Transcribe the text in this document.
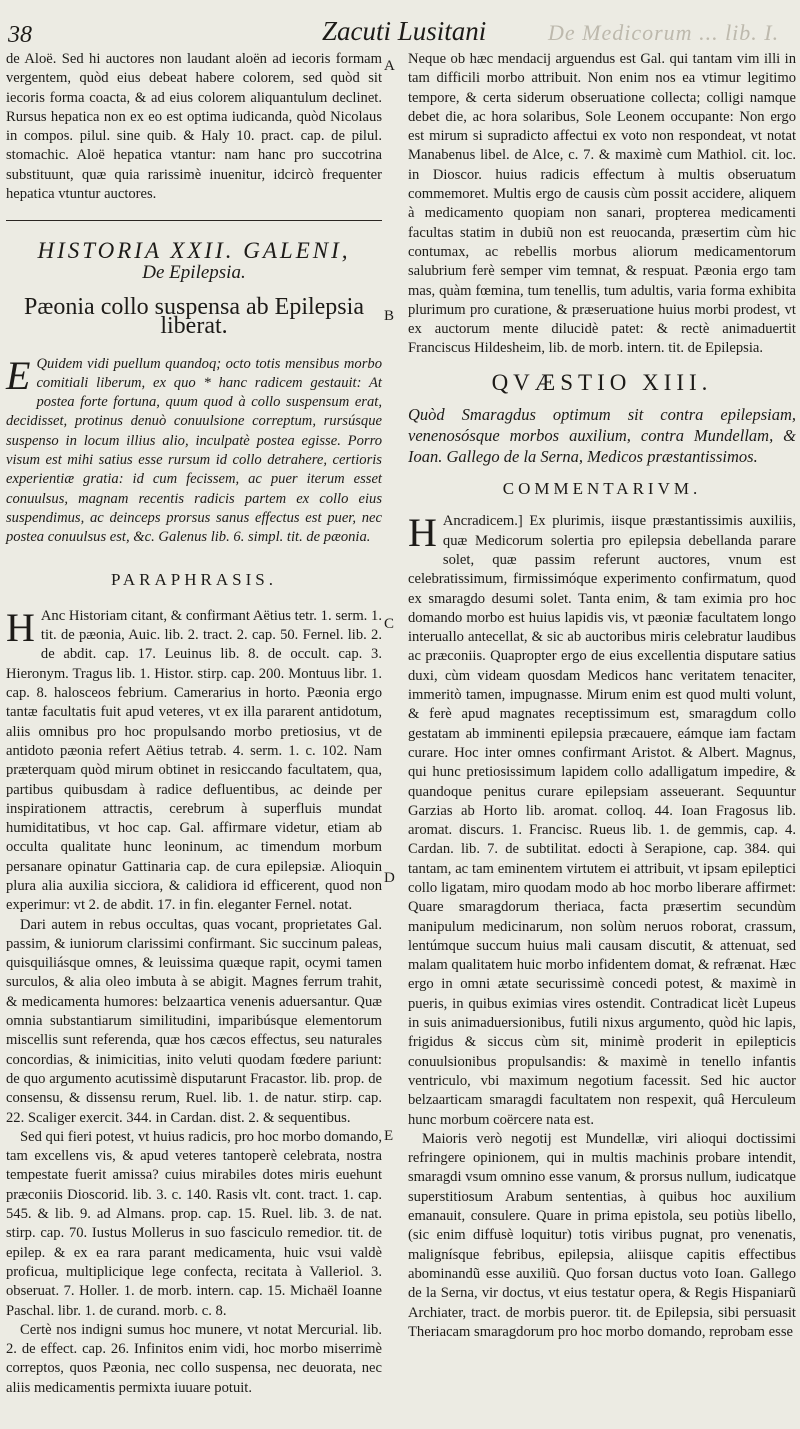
38	Zacuti Lusitani	De Medicorum ... lib. I.
A
B
C
D
E

de Aloë. Sed hi auctores non laudant aloën ad iecoris formam vergentem, quòd eius debeat habere colorem, sed quòd sit iecoris forma coacta, & ad eius colorem aliquantulum declinet. Rursus hepatica non ex eo est optima iudicanda, quòd Nicolaus in compos. pilul. sine quib. & Haly 10. pract. cap. de pilul. stomachic. Aloë hepatica vtantur: nam hanc pro succotrina substituunt, quæ quia rarissimè inuenitur, idcircò frequenter hepatica vtuntur auctores.

HISTORIA XXII. GALENI,

De Epilepsia.

Pæonia collo suspensa ab Epilepsia liberat.

E Quidem vidi puellum quandoq; octo totis mensibus morbo comitiali liberum, ex quo * hanc radicem gestauit: At postea forte fortuna, quum quod à collo suspensum erat, decidisset, protinus denuò conuulsione correptum, rursúsque suspenso in locum illius alio, inculpatè postea egisse. Porro visum est mihi satius esse rursum id collo detrahere, certioris experientiæ gratia: id cum fecissem, ac puer iterum esset conuulsus, magnam recentis radicis partem ex collo eius suspendimus, ac deinceps prorsus sanus effectus est puer, nec postea conuulsus est, &c. Galenus lib. 6. simpl. tit. de pæonia.

PARAPHRASIS.

H Anc Historiam citant, & confirmant Aëtius tetr. 1. serm. 1. tit. de pæonia, Auic. lib. 2. tract. 2. cap. 50. Fernel. lib. 2. de abdit. cap. 17. Leuinus lib. 8. de occult. cap. 3. Hieronym. Tragus lib. 1. Histor. stirp. cap. 200. Montuus libr. 1. cap. 8. halosceos febrium. Camerarius in horto. Pæonia ergo tantæ facultatis fuit apud veteres, vt ex illa pararent antidotum, aliis omnibus pro hoc propulsando morbo pretiosius, vt de antidoto pæonia refert Aëtius tetrab. 4. serm. 1. c. 102. Nam præterquam quòd mirum obtinet in resiccando facultatem, qua, partibus quibusdam à radice defluentibus, ac deinde per inspirationem attractis, cerebrum à superfluis mundat humiditatibus, vt hoc cap. Gal. affirmare videtur, etiam ab occulta qualitate hunc leoninum, ac timendum morbum persanare opinatur Gattinaria cap. de cura epilepsiæ. Alioquin plura alia auxilia sicciora, & calidiora id efficerent, quod non experimur: vt 2. de abdit. 17. in fin. eleganter Fernel. notat.

Dari autem in rebus occultas, quas vocant, proprietates Gal. passim, & iuniorum clarissimi confirmant. Sic succinum paleas, quisquiliásque omnes, & leuissima quæque rapit, ocymi tamen surculos, & alia oleo imbuta à se abigit. Magnes ferrum trahit, & medicamenta humores: belzaartica venenis aduersantur. Quæ omnia substantiarum similitudini, imparibúsque elementorum miscellis sunt referenda, quæ hos cæcos effectus, seu naturales concordias, & inimicitias, inito veluti quodam fœdere pariunt: de quo argumento acutissimè disputarunt Fracastor. lib. prop. de consensu, & dissensu rerum, Ruel. lib. 1. de natur. stirp. cap. 22. Scaliger exercit. 344. in Cardan. dist. 2. & sequentibus.

Sed qui fieri potest, vt huius radicis, pro hoc morbo domando, tam excellens vis, & apud veteres tantoperè celebrata, nostra tempestate fuerit amissa? cuius mirabiles dotes miris euehunt præconiis Dioscorid. lib. 3. c. 140. Rasis vlt. cont. tract. 1. cap. 545. & lib. 9. ad Almans. prop. cap. 15. Ruel. lib. 3. de nat. stirp. cap. 70. Iustus Mollerus in suo fasciculo remedior. tit. de epilep. & ex ea rara parant medicamenta, huic vsui valdè proficua, multiplicique lege confecta, recitata à Valleriol. 3. obseruat. 7. Holler. 1. de morb. intern. cap. 15. Michaël Ioanne Paschal. libr. 1. de curand. morb. c. 8.

Certè nos indigni sumus hoc munere, vt notat Mercurial. lib. 2. de effect. cap. 26. Infinitos enim vidi, hoc morbo miserrimè correptos, quos Pæonia, nec collo suspensa, nec deuorata, nec aliis medicamentis permixta iuuare potuit.

Neque ob hæc mendacij arguendus est Gal. qui tantam vim illi in tam difficili morbo attribuit. Non enim nos ea vtimur legitimo tempore, & certa siderum obseruatione collecta; colligi namque debet die, ac hora solaribus, Sole Leonem occupante: Non ergo est mirum si supradicto affectui ex voto non respondeat, vt notat Manabenus libel. de Alce, c. 7. & maximè cum Mathiol. cit. loc. in Dioscor. huius radicis effectum à multis obseruatum commemoret. Multis ergo de causis cùm possit accidere, aliquem à medicamento quopiam non sanari, propterea medicamenti facultas statim in dubiũ non est reuocanda, præsertim cùm hic contumax, ac rebellis morbus aliorum medicamentorum salubrium ferè semper vim temnat, & respuat. Pæonia ergo tam mas, quàm fœmina, tum tenellis, tum adultis, varia forma exhibita plurimum pro curatione, & præseruatione huius morbi prodest, vt ex auctorum mente dilucidè patet: & rectè animaduertit Franciscus Hildesheim, lib. de morb. intern. tit. de Epilepsia.

QVÆSTIO XIII.

Quòd Smaragdus optimum sit contra epilepsiam, venenosósque morbos auxilium, contra Mundellam, & Ioan. Gallego de la Serna, Medicos præstantissimos.

COMMENTARIVM.

H Ancradicem.] Ex plurimis, iisque præstantissimis auxiliis, quæ Medicorum solertia pro epilepsia debellanda parare solet, quæ passim referunt auctores, vnum est celebratissimum, firmissimóque experimento confirmatum, quod ex smaragdo desumi solet. Tanta enim, & tam eximia pro hoc domando morbo est huius lapidis vis, vt pæoniæ facultatem longo interuallo antecellat, & sic ab auctoribus miris celebratur laudibus ac præconiis. Quapropter ergo de eius excellentia disputare satius duxi, cùm videam quosdam Medicos hanc veritatem tenaciter, immeritò tamen, impugnasse. Mirum enim est quod multi volunt, & ferè apud magnates receptissimum est, smaragdum collo gestatam ab imminenti epilepsia præcauere, eámque iam factam curare. Hoc inter omnes confirmant Aristot. & Albert. Magnus, qui hunc pretiosissimum lapidem collo adalligatum impedire, & quandoque penitus curare epilepsiam asseuerant. Sequuntur Garzias ab Horto lib. aromat. colloq. 44. Ioan Fragosus lib. aromat. discurs. 1. Francisc. Rueus lib. 1. de gemmis, cap. 4. Cardan. lib. 7. de subtilitat. edocti à Serapione, cap. 384. qui tantam, ac tam eminentem virtutem ei attribuit, vt ipsam epileptici collo ligatam, miro quodam modo ab hoc morbo liberare affirmet: Quare smaragdorum theriaca, facta præsertim secundùm manipulum medicinarum, non solùm neruos roborat, crassum, lentúmque succum huius mali causam discutit, & attenuat, sed malam qualitatem huic morbo infidentem domat, & refrænat. Hæc ergo in omni ætate securissimè concedi potest, & maximè in pueris, in quibus eximias vires ostendit. Contradicat licèt Lupeus in suis animaduersionibus, futili nixus argumento, quòd hic lapis, frigidus & siccus cùm sit, minimè proderit in epilepticis conuulsionibus propulsandis: & maximè in tenello infantis ventriculo, vbi maximum negotium facessit. Sed hic auctor belzaarticam smaragdi facultatem non respexit, quâ Herculeum hunc morbum coërcere nata est.

Maioris verò negotij est Mundellæ, viri alioqui doctissimi refringere opinionem, qui in multis machinis probare intendit, smaragdi vsum omnino esse vanum, & prorsus nullum, iudicatque superstitiosum Arabum sententias, à quibus hoc auxilium emanauit, consulere. Quare in prima epistola, seu potiùs libello, (sic enim diffusè loquitur) totis viribus pugnat, pro venenatis, malignísque febribus, epilepsia, aliisque capitis effectibus abominandũ esse auxiliũ. Quo forsan ductus voto Ioan. Gallego de la Serna, vir doctus, vt eius testatur opera, & Regis Hispaniarũ Archiater, tract. de morbis pueror. tit. de Epilepsia, sibi persuasit Theriacam smaragdorum pro hoc morbo domando, reprobam esse
